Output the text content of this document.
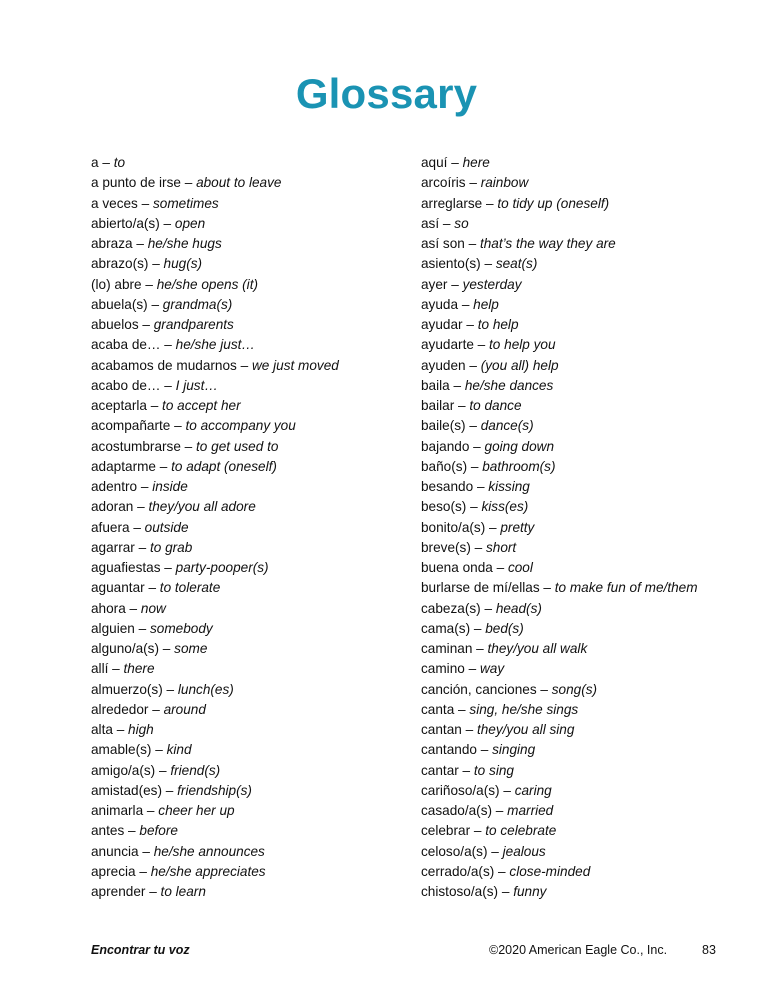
Glossary
a – to
a punto de irse – about to leave
a veces – sometimes
abierto/a(s) – open
abraza – he/she hugs
abrazo(s) – hug(s)
(lo) abre – he/she opens (it)
abuela(s) – grandma(s)
abuelos – grandparents
acaba de… – he/she just…
acabamos de mudarnos – we just moved
acabo de… – I just…
aceptarla – to accept her
acompañarte – to accompany you
acostumbrarse – to get used to
adaptarme – to adapt (oneself)
adentro – inside
adoran – they/you all adore
afuera – outside
agarrar – to grab
aguafiestas – party-pooper(s)
aguantar – to tolerate
ahora – now
alguien – somebody
alguno/a(s) – some
allí – there
almuerzo(s) – lunch(es)
alrededor – around
alta – high
amable(s) – kind
amigo/a(s) – friend(s)
amistad(es) – friendship(s)
animarla – cheer her up
antes – before
anuncia – he/she announces
aprecia – he/she appreciates
aprender – to learn
aquí – here
arcoíris – rainbow
arreglarse – to tidy up (oneself)
así – so
así son – that’s the way they are
asiento(s) – seat(s)
ayer – yesterday
ayuda – help
ayudar – to help
ayudarte – to help you
ayuden – (you all) help
baila – he/she dances
bailar – to dance
baile(s) – dance(s)
bajando – going down
baño(s) – bathroom(s)
besando – kissing
beso(s) – kiss(es)
bonito/a(s) – pretty
breve(s) – short
buena onda – cool
burlarse de mí/ellas – to make fun of me/them
cabeza(s) – head(s)
cama(s) – bed(s)
caminan – they/you all walk
camino – way
canción, canciones – song(s)
canta – sing, he/she sings
cantan – they/you all sing
cantando – singing
cantar – to sing
cariñoso/a(s) – caring
casado/a(s) – married
celebrar – to celebrate
celoso/a(s) – jealous
cerrado/a(s) – close-minded
chistoso/a(s) – funny
Encontrar tu voz	©2020 American Eagle Co., Inc.	83
